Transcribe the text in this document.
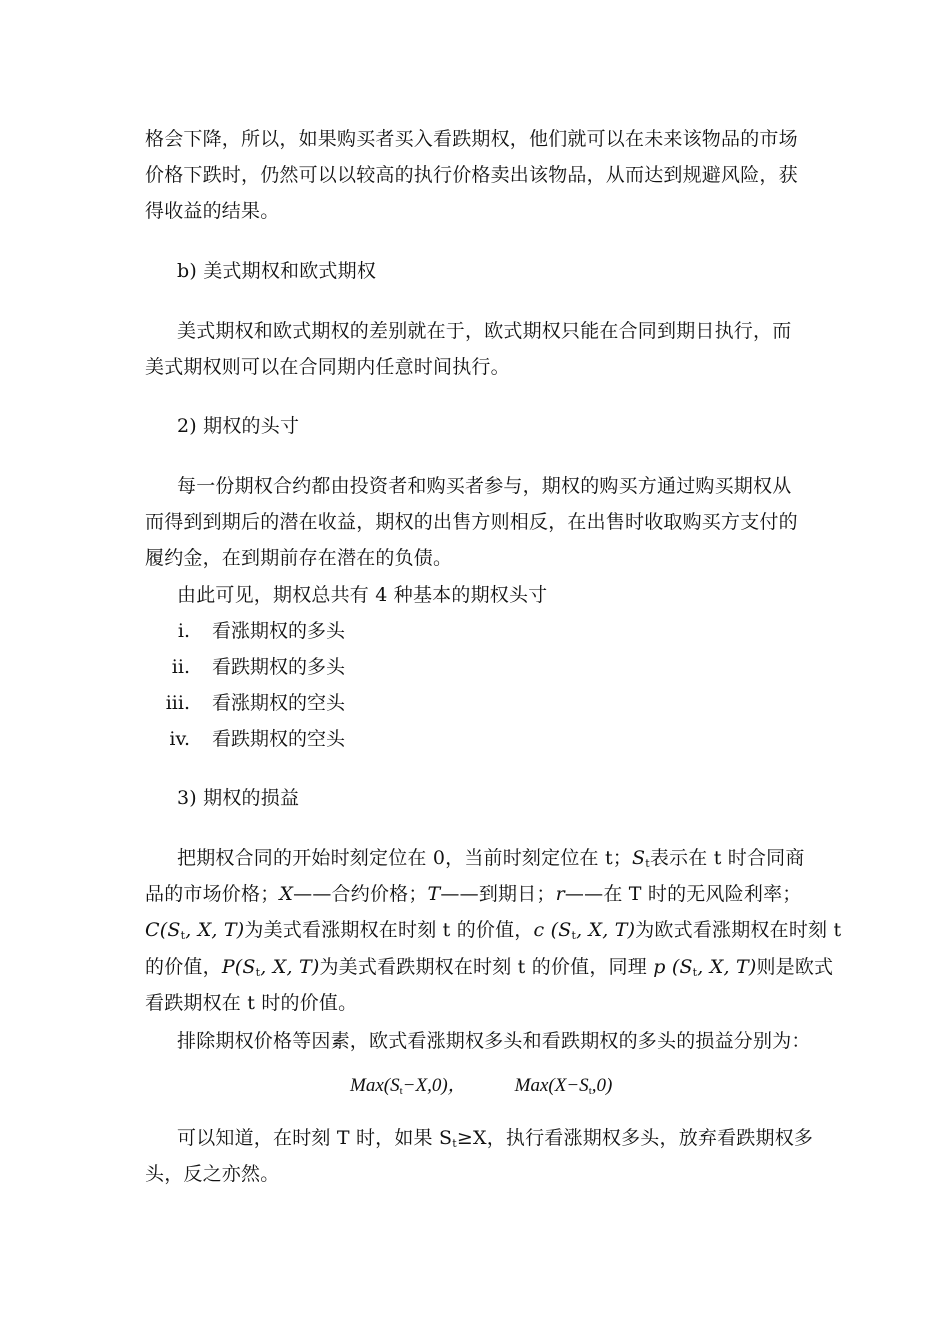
格会下降，所以，如果购买者买入看跌期权，他们就可以在未来该物品的市场
价格下跌时，仍然可以以较高的执行价格卖出该物品，从而达到规避风险，获
得收益的结果。
b) 美式期权和欧式期权
美式期权和欧式期权的差别就在于，欧式期权只能在合同到期日执行，而
美式期权则可以在合同期内任意时间执行。
2) 期权的头寸
每一份期权合约都由投资者和购买者参与，期权的购买方通过购买期权从
而得到到期后的潜在收益，期权的出售方则相反，在出售时收取购买方支付的
履约金，在到期前存在潜在的负债。
由此可见，期权总共有 4 种基本的期权头寸
i. 看涨期权的多头
ii. 看跌期权的多头
iii. 看涨期权的空头
iv. 看跌期权的空头
3) 期权的损益
把期权合同的开始时刻定位在 0，当前时刻定位在 t；$S_t$表示在 t 时合同商
品的市场价格；X——合约价格；T——到期日；r——在 T 时的无风险利率；
$C(S_t$, X, T)为美式看涨期权在时刻 t 的价值，c ($S_t$, X, T)为欧式看涨期权在时刻 t
的价值，$P(S_t$, X, T)为美式看跌期权在时刻 t 的价值，同理 p ($S_t$, X, T)则是欧式
看跌期权在 t 时的价值。
排除期权价格等因素，欧式看涨期权多头和看跌期权的多头的损益分别为：
$Max(S_t-X,0)$，	$Max(X-S_t,0)$
可以知道，在时刻 T 时，如果 $S_t\ge X$，执行看涨期权多头，放弃看跌期权多
头，反之亦然。
